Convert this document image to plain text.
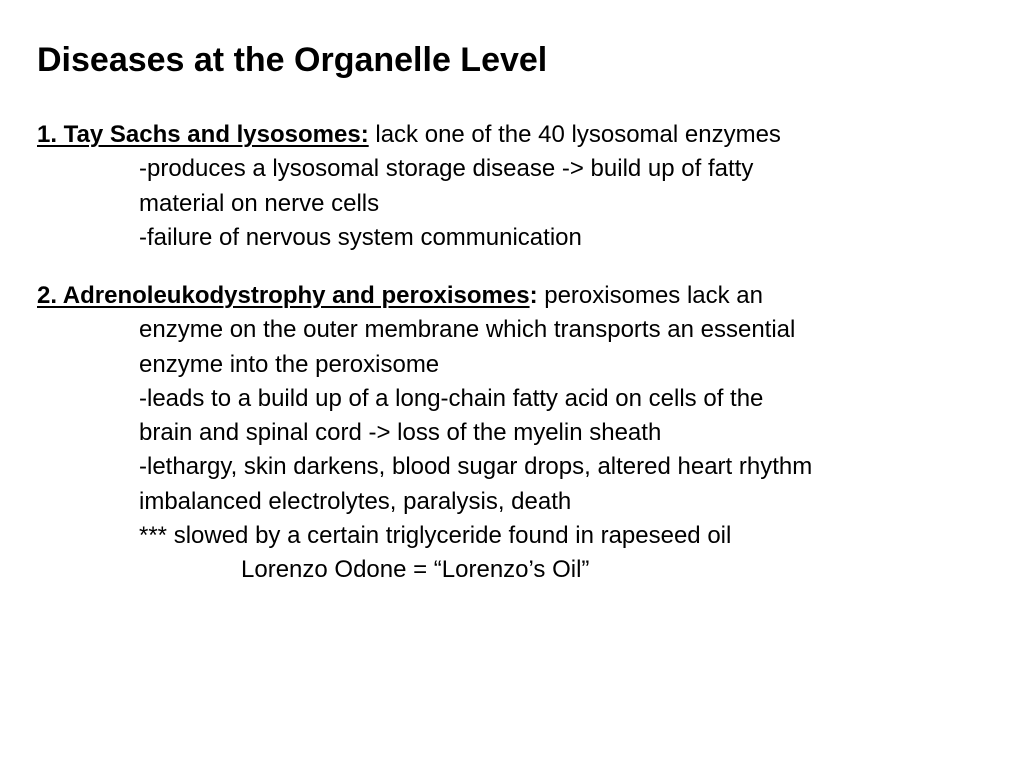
Diseases at the Organelle Level
1. Tay Sachs and lysosomes: lack one of the 40 lysosomal enzymes
-produces a lysosomal storage disease -> build up of fatty
material on nerve cells
-failure of nervous system communication
2. Adrenoleukodystrophy and peroxisomes: peroxisomes lack an
enzyme on the outer membrane which transports an essential
enzyme into the peroxisome
-leads to a build up of a long-chain fatty acid on cells of the
brain and spinal cord -> loss of the myelin sheath
-lethargy, skin darkens, blood sugar drops, altered heart rhythm
imbalanced electrolytes, paralysis, death
*** slowed by a certain triglyceride found in rapeseed oil
Lorenzo Odone = “Lorenzo’s Oil”
